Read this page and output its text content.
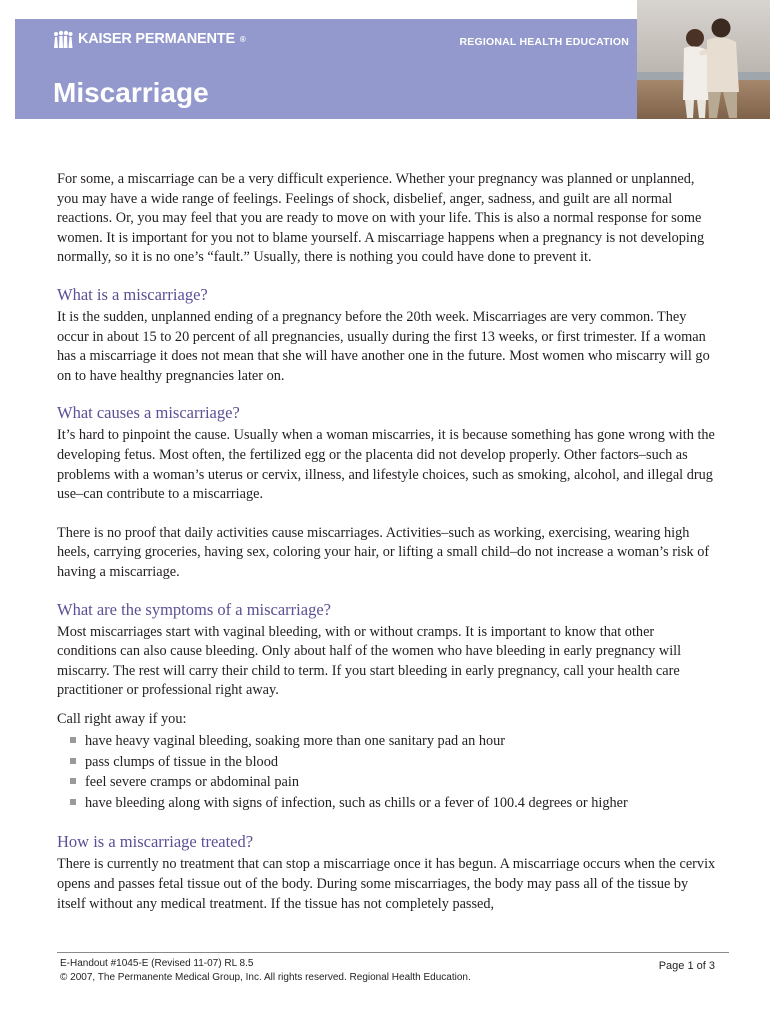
KAISER PERMANENTE ®	REGIONAL HEALTH EDUCATION
Miscarriage

For some, a miscarriage can be a very difficult experience. Whether your pregnancy was planned or unplanned, you may have a wide range of feelings. Feelings of shock, disbelief, anger, sadness, and guilt are all normal reactions. Or, you may feel that you are ready to move on with your life. This is also a normal response for some women. It is important for you not to blame yourself. A miscarriage happens when a pregnancy is not developing normally, so it is no one’s “fault.” Usually, there is nothing you could have done to prevent it.

What is a miscarriage?

It is the sudden, unplanned ending of a pregnancy before the 20th week. Miscarriages are very common. They occur in about 15 to 20 percent of all pregnancies, usually during the first 13 weeks, or first trimester. If a woman has a miscarriage it does not mean that she will have another one in the future. Most women who miscarry will go on to have healthy pregnancies later on.

What causes a miscarriage?

It’s hard to pinpoint the cause. Usually when a woman miscarries, it is because something has gone wrong with the developing fetus. Most often, the fertilized egg or the placenta did not develop properly. Other factors–such as problems with a woman’s uterus or cervix, illness, and lifestyle choices, such as smoking, alcohol, and illegal drug use–can contribute to a miscarriage.

There is no proof that daily activities cause miscarriages. Activities–such as working, exercising, wearing high heels, carrying groceries, having sex, coloring your hair, or lifting a small child–do not increase a woman’s risk of having a miscarriage.

What are the symptoms of a miscarriage?

Most miscarriages start with vaginal bleeding, with or without cramps. It is important to know that other conditions can also cause bleeding. Only about half of the women who have bleeding in early pregnancy will miscarry. The rest will carry their child to term. If you start bleeding in early pregnancy, call your health care practitioner or professional right away.

Call right away if you:

have heavy vaginal bleeding, soaking more than one sanitary pad an hour
pass clumps of tissue in the blood
feel severe cramps or abdominal pain
have bleeding along with signs of infection, such as chills or a fever of 100.4 degrees or higher
How is a miscarriage treated?

There is currently no treatment that can stop a miscarriage once it has begun. A miscarriage occurs when the cervix opens and passes fetal tissue out of the body. During some miscarriages, the body may pass all of the tissue by itself without any medical treatment. If the tissue has not completely passed,

E-Handout #1045-E (Revised 11-07) RL 8.5
© 2007, The Permanente Medical Group, Inc. All rights reserved. Regional Health Education.
Page 1 of 3
